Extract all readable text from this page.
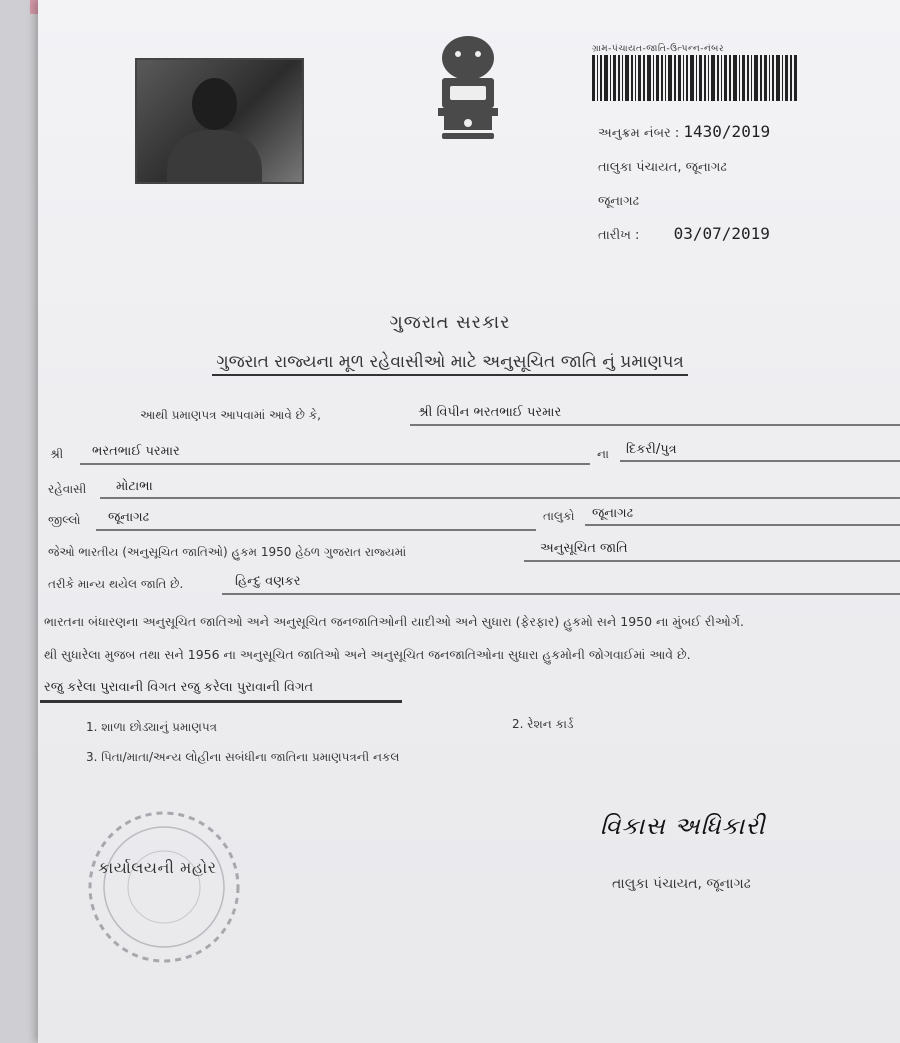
ગ્રામ-પંચાયત-જાતિ-ઉત્પન્ન-નંબર
અનુક્રમ નંબર : 1430/2019
તાલુકા પંચાયત, જૂનાગઢ
જૂનાગઢ
તારીખ : 03/07/2019
ગુજરાત સરકાર
ગુજરાત રાજ્યના મૂળ રહેવાસીઓ માટે અનુસૂચિત જાતિ નું પ્રમાણપત્ર
આથી પ્રમાણપત્ર આપવામાં આવે છે કે,	શ્રી વિપીન ભરતભાઈ પરમાર
શ્રી ભરતભાઈ પરમાર	ના દિકરી/પુત્ર
રહેવાસી મોટાભા
જીલ્લો જૂનાગઢ	તાલુકો જૂનાગઢ
જેઓ ભારતીય (અનુસૂચિત જાતિઓ) હુકમ 1950 હેઠળ ગુજરાત રાજ્યમાં	અનુસૂચિત જાતિ
તરીકે માન્ય થયેલ જાતિ છે.	હિન્દુ વણકર
ભારતના બંધારણના અનુસૂચિત જાતિઓ અને અનુસૂચિત જનજાતિઓની યાદીઓ અને સુધારા (ફેરફાર) હુકમો સને 1950 ના મુંબઈ રીઓર્ગ.
થી સુધારેલા મુજબ તથા સને 1956 ના અનુસૂચિત જાતિઓ અને અનુસૂચિત જનજાતિઓના સુધારા હુકમોની જોગવાઈમાં આવે છે.
રજુ કરેલા પુરાવાની વિગત રજુ કરેલા પુરાવાની વિગત
1. શાળા છોડ્યાનું પ્રમાણપત્ર	2. રેશન કાર્ડ
3. પિતા/માતા/અન્ય લોહીના સબંધીના જાતિના પ્રમાણપત્રની નકલ
કાર્યાલયની મહોર
વિકાસ અધિકારી
તાલુકા પંચાયત, જૂનાગઢ
